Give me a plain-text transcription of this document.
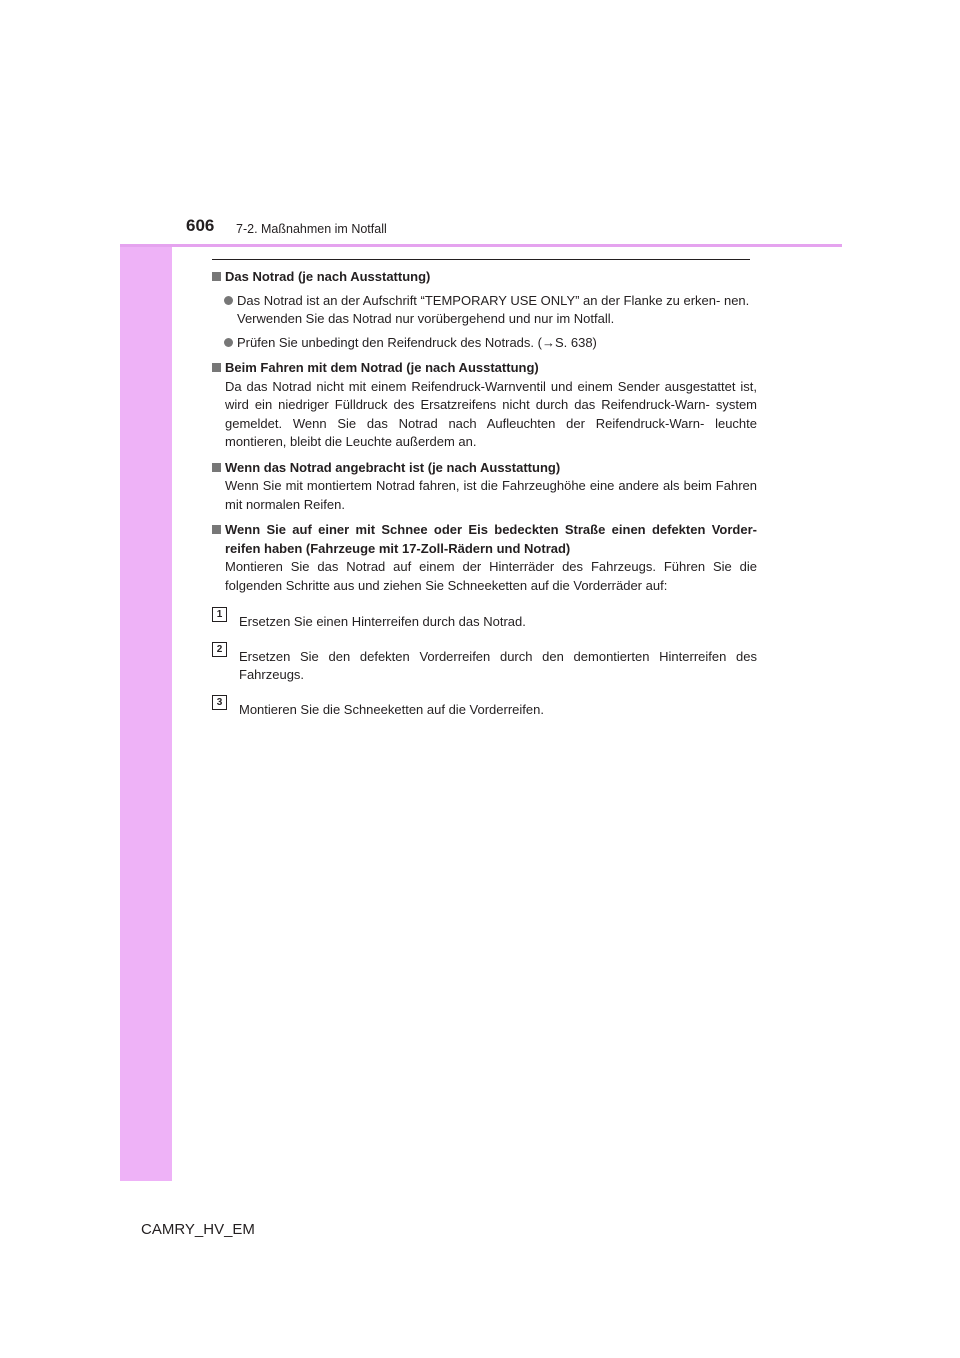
606 7-2. Maßnahmen im Notfall
Das Notrad (je nach Ausstattung)

Das Notrad ist an der Aufschrift “TEMPORARY USE ONLY” an der Flanke zu erken- nen.

Verwenden Sie das Notrad nur vorübergehend und nur im Notfall.

Prüfen Sie unbedingt den Reifendruck des Notrads. (→S. 638)

Beim Fahren mit dem Notrad (je nach Ausstattung)

Da das Notrad nicht mit einem Reifendruck-Warnventil und einem Sender ausgestattet ist, wird ein niedriger Fülldruck des Ersatzreifens nicht durch das Reifendruck-Warn- system gemeldet. Wenn Sie das Notrad nach Aufleuchten der Reifendruck-Warn- leuchte montieren, bleibt die Leuchte außerdem an.

Wenn das Notrad angebracht ist (je nach Ausstattung)

Wenn Sie mit montiertem Notrad fahren, ist die Fahrzeughöhe eine andere als beim Fahren mit normalen Reifen.

Wenn Sie auf einer mit Schnee oder Eis bedeckten Straße einen defekten Vorder- reifen haben (Fahrzeuge mit 17-Zoll-Rädern und Notrad)

Montieren Sie das Notrad auf einem der Hinterräder des Fahrzeugs. Führen Sie die folgenden Schritte aus und ziehen Sie Schneeketten auf die Vorderräder auf:

1	Ersetzen Sie einen Hinterreifen durch das Notrad.

2	Ersetzen Sie den defekten Vorderreifen durch den demontierten Hinterreifen des Fahrzeugs.

3	Montieren Sie die Schneeketten auf die Vorderreifen.

CAMRY_HV_EM
